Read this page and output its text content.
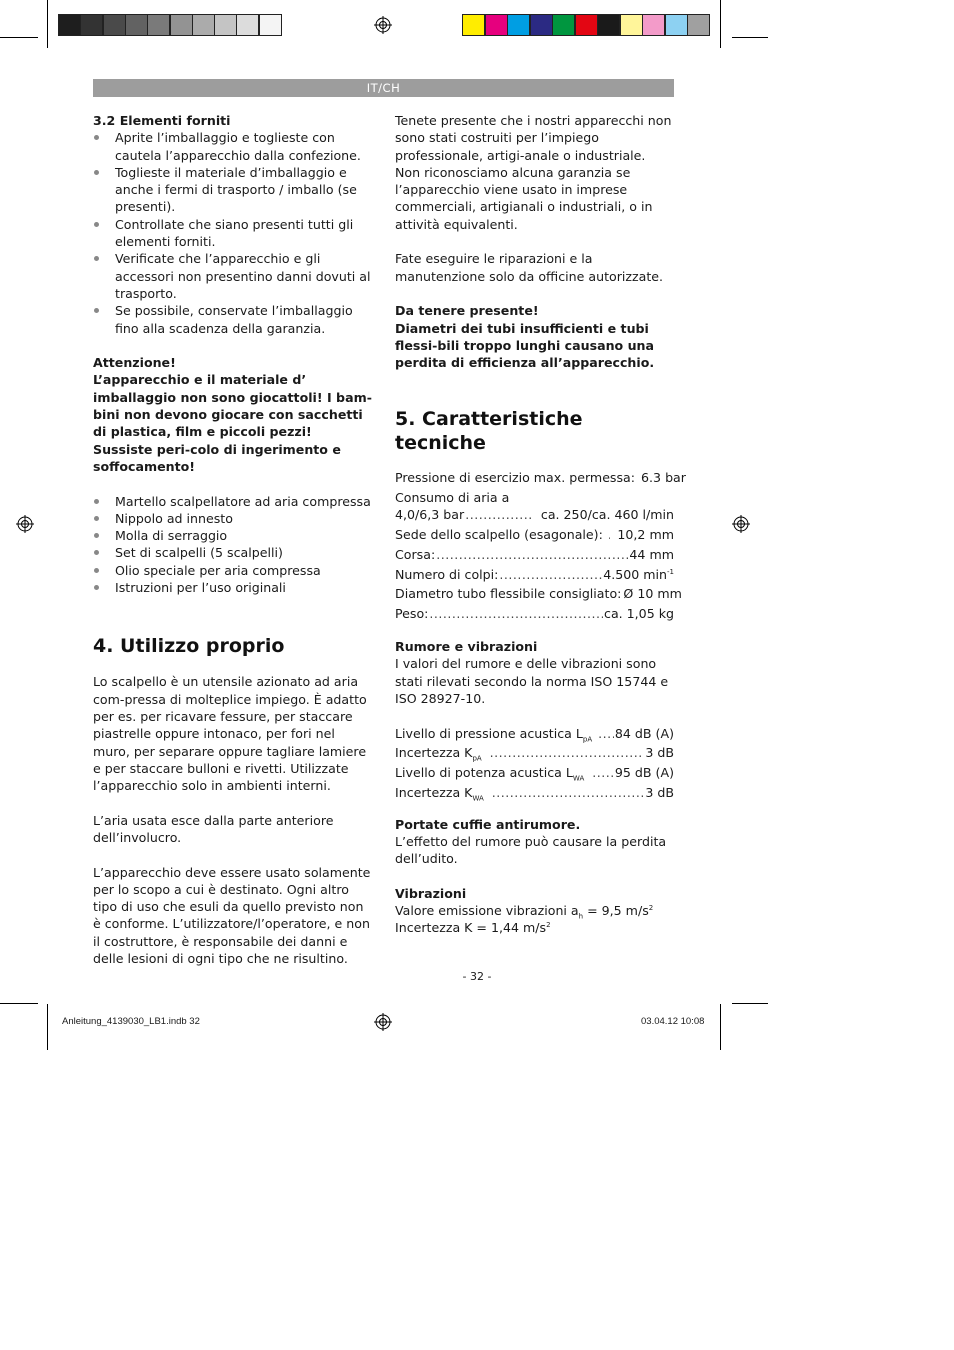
IT/CH
3.2 Elementi forniti
Aprite l’imballaggio e toglieste con cautela l’apparecchio dalla confezione.
Toglieste il materiale d’imballaggio e anche i fermi di trasporto / imballo (se presenti).
Controllate che siano presenti tutti gli elementi forniti.
Verificate che l’apparecchio e gli accessori non presentino danni dovuti al trasporto.
Se possibile, conservate l’imballaggio fino alla scadenza della garanzia.
Attenzione!
L’apparecchio e il materiale d’ imballaggio non sono giocattoli! I bam-bini non devono giocare con sacchetti di plastica, film e piccoli pezzi! Sussiste peri-colo di ingerimento e soffocamento!
Martello scalpellatore ad aria compressa
Nippolo ad innesto
Molla di serraggio
Set di scalpelli (5 scalpelli)
Olio speciale per aria compressa
Istruzioni per l’uso originali
4. Utilizzo proprio
Lo scalpello è un utensile azionato ad aria com-pressa di molteplice impiego. È adatto per es. per ricavare fessure, per staccare piastrelle oppure intonaco, per fori nel muro, per separare oppure tagliare lamiere e per staccare bulloni e rivetti. Utilizzate l’apparecchio solo in ambienti interni.
L’aria usata esce dalla parte anteriore dell’involucro.
L’apparecchio deve essere usato solamente per lo scopo a cui è destinato. Ogni altro tipo di uso che esuli da quello previsto non è conforme. L’utilizzatore/l’operatore, e non il costruttore, è responsabile dei danni e delle lesioni di ogni tipo che ne risultino.
Tenete presente che i nostri apparecchi non sono stati costruiti per l’impiego professionale, artigi-anale o industriale. Non riconosciamo alcuna garanzia se l’apparecchio viene usato in imprese commerciali, artigianali o industriali, o in attività equivalenti.
Fate eseguire le riparazioni e la manutenzione solo da officine autorizzate.
Da tenere presente!
Diametri dei tubi insufficienti e tubi flessi-bili troppo lunghi causano una perdita di efficienza all’apparecchio.
5. Caratteristiche tecniche
Pressione di esercizio max. permessa: 6.3 bar
Consumo di aria a
4,0/6,3 bar .....	ca. 250/ca. 460 l/min
Sede dello scalpello (esagonale): ..... 10,2 mm
Corsa: .....	44 mm
Numero di colpi: .....	4.500 $\min^{-1}$
Diametro tubo flessibile consigliato: Ø 10 mm
Peso: .....	ca. 1,05 kg
Rumore e vibrazioni
I valori del rumore e delle vibrazioni sono stati rilevati secondo la norma ISO 15744 e ISO 28927-10.
Livello di pressione acustica $L_{pA}$ ..... 84 dB (A)
Incertezza $K_{pA}$ .....	3 dB
Livello di potenza acustica $L_{WA}$ ..... 95 dB (A)
Incertezza $K_{WA}$ .....	3 dB
Portate cuffie antirumore.
L’effetto del rumore può causare la perdita dell’udito.
Vibrazioni
Valore emissione vibrazioni $a_h = 9,5$ $m/s^2$
Incertezza K = 1,44 $m/s^2$
- 32 -
Anleitung_4139030_LB1.indb 32	03.04.12 10:08
